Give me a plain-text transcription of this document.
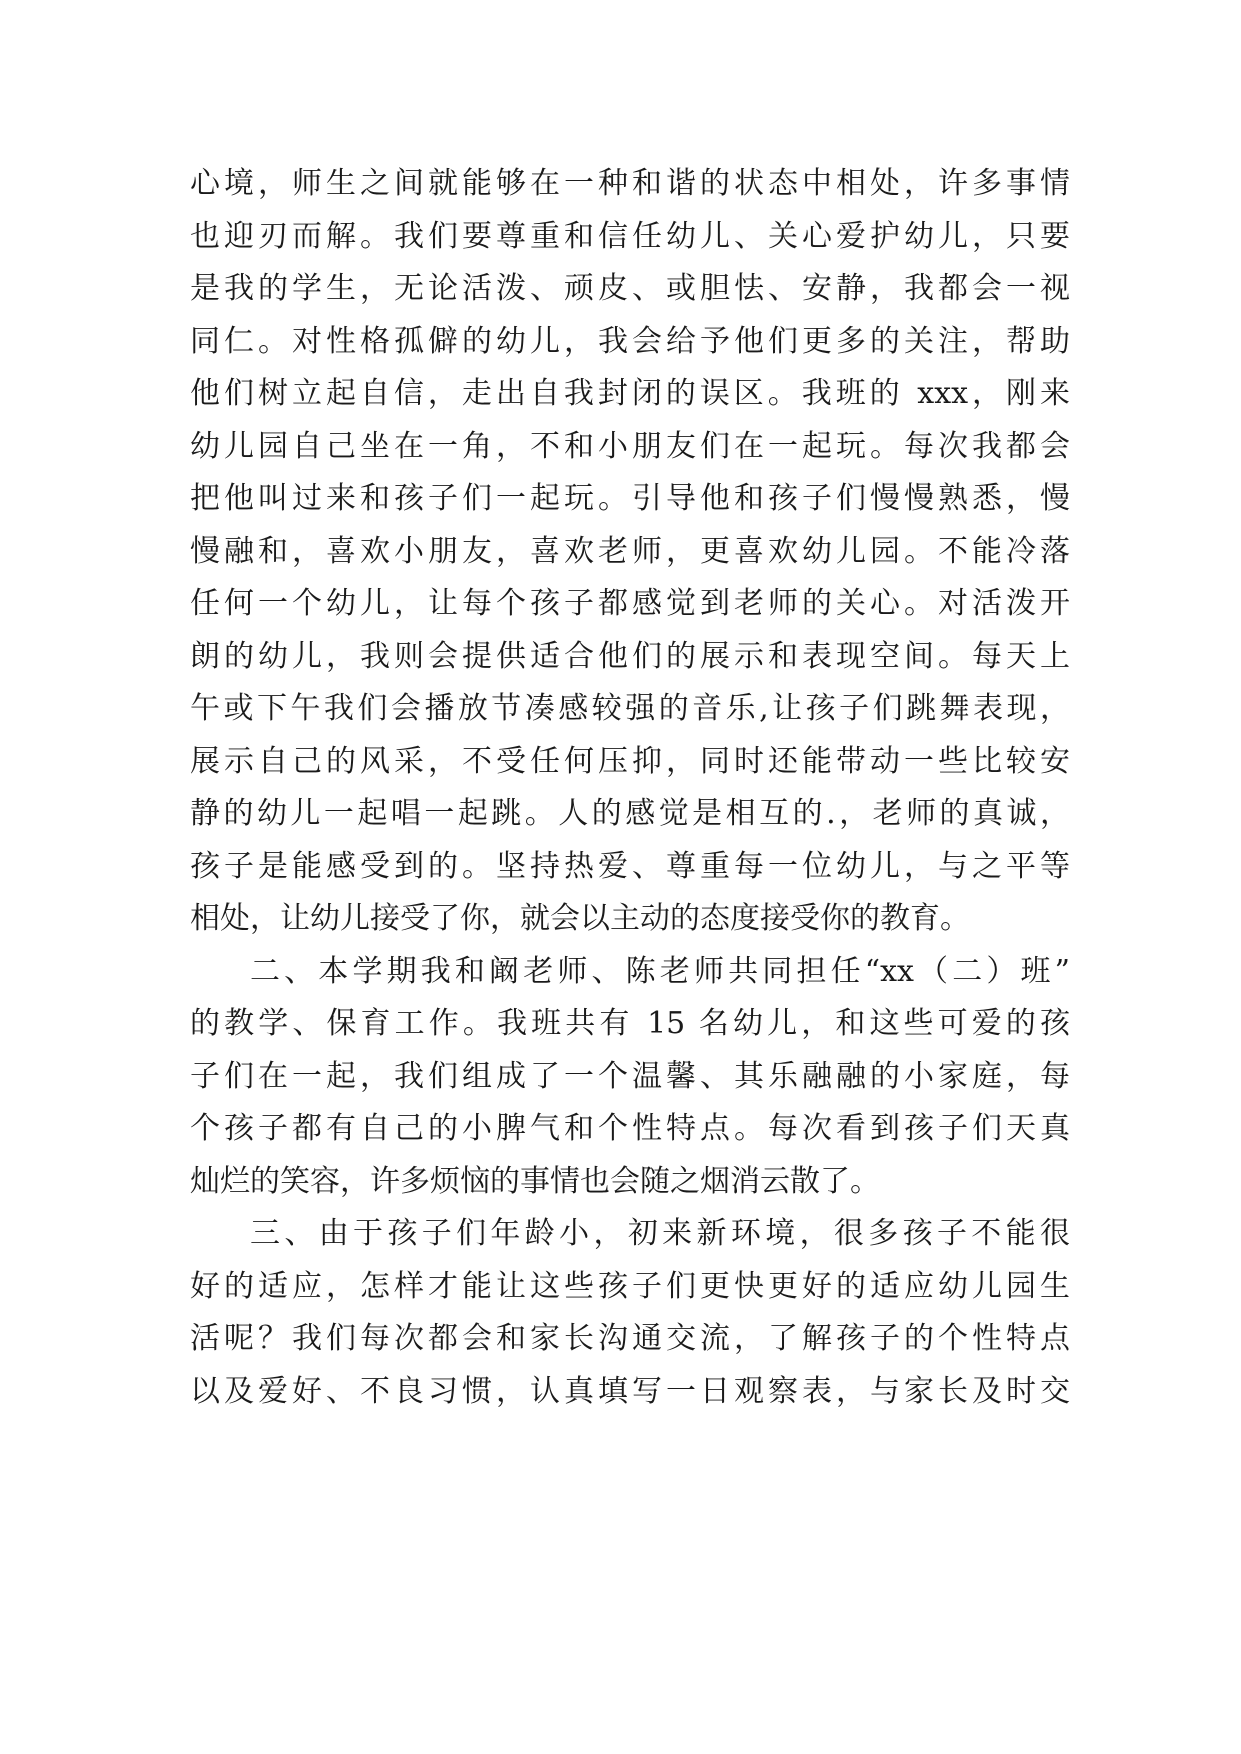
心境，师生之间就能够在一种和谐的状态中相处，许多事情
也迎刃而解。我们要尊重和信任幼儿、关心爱护幼儿，只要
是我的学生，无论活泼、顽皮、或胆怯、安静，我都会一视
同仁。对性格孤僻的幼儿，我会给予他们更多的关注，帮助
他们树立起自信，走出自我封闭的误区。我班的 xxx，刚来
幼儿园自己坐在一角，不和小朋友们在一起玩。每次我都会
把他叫过来和孩子们一起玩。引导他和孩子们慢慢熟悉，慢
慢融和，喜欢小朋友，喜欢老师，更喜欢幼儿园。不能冷落
任何一个幼儿，让每个孩子都感觉到老师的关心。对活泼开
朗的幼儿，我则会提供适合他们的展示和表现空间。每天上
午或下午我们会播放节凑感较强的音乐,让孩子们跳舞表现，
展示自己的风采，不受任何压抑，同时还能带动一些比较安
静的幼儿一起唱一起跳。人的感觉是相互的.，老师的真诚，
孩子是能感受到的。坚持热爱、尊重每一位幼儿，与之平等
相处，让幼儿接受了你，就会以主动的态度接受你的教育。
二、本学期我和阚老师、陈老师共同担任“xx（二）班”
的教学、保育工作。我班共有 15 名幼儿，和这些可爱的孩
子们在一起，我们组成了一个温馨、其乐融融的小家庭，每
个孩子都有自己的小脾气和个性特点。每次看到孩子们天真
灿烂的笑容，许多烦恼的事情也会随之烟消云散了。
三、由于孩子们年龄小，初来新环境，很多孩子不能很
好的适应，怎样才能让这些孩子们更快更好的适应幼儿园生
活呢？我们每次都会和家长沟通交流，了解孩子的个性特点
以及爱好、不良习惯，认真填写一日观察表，与家长及时交
